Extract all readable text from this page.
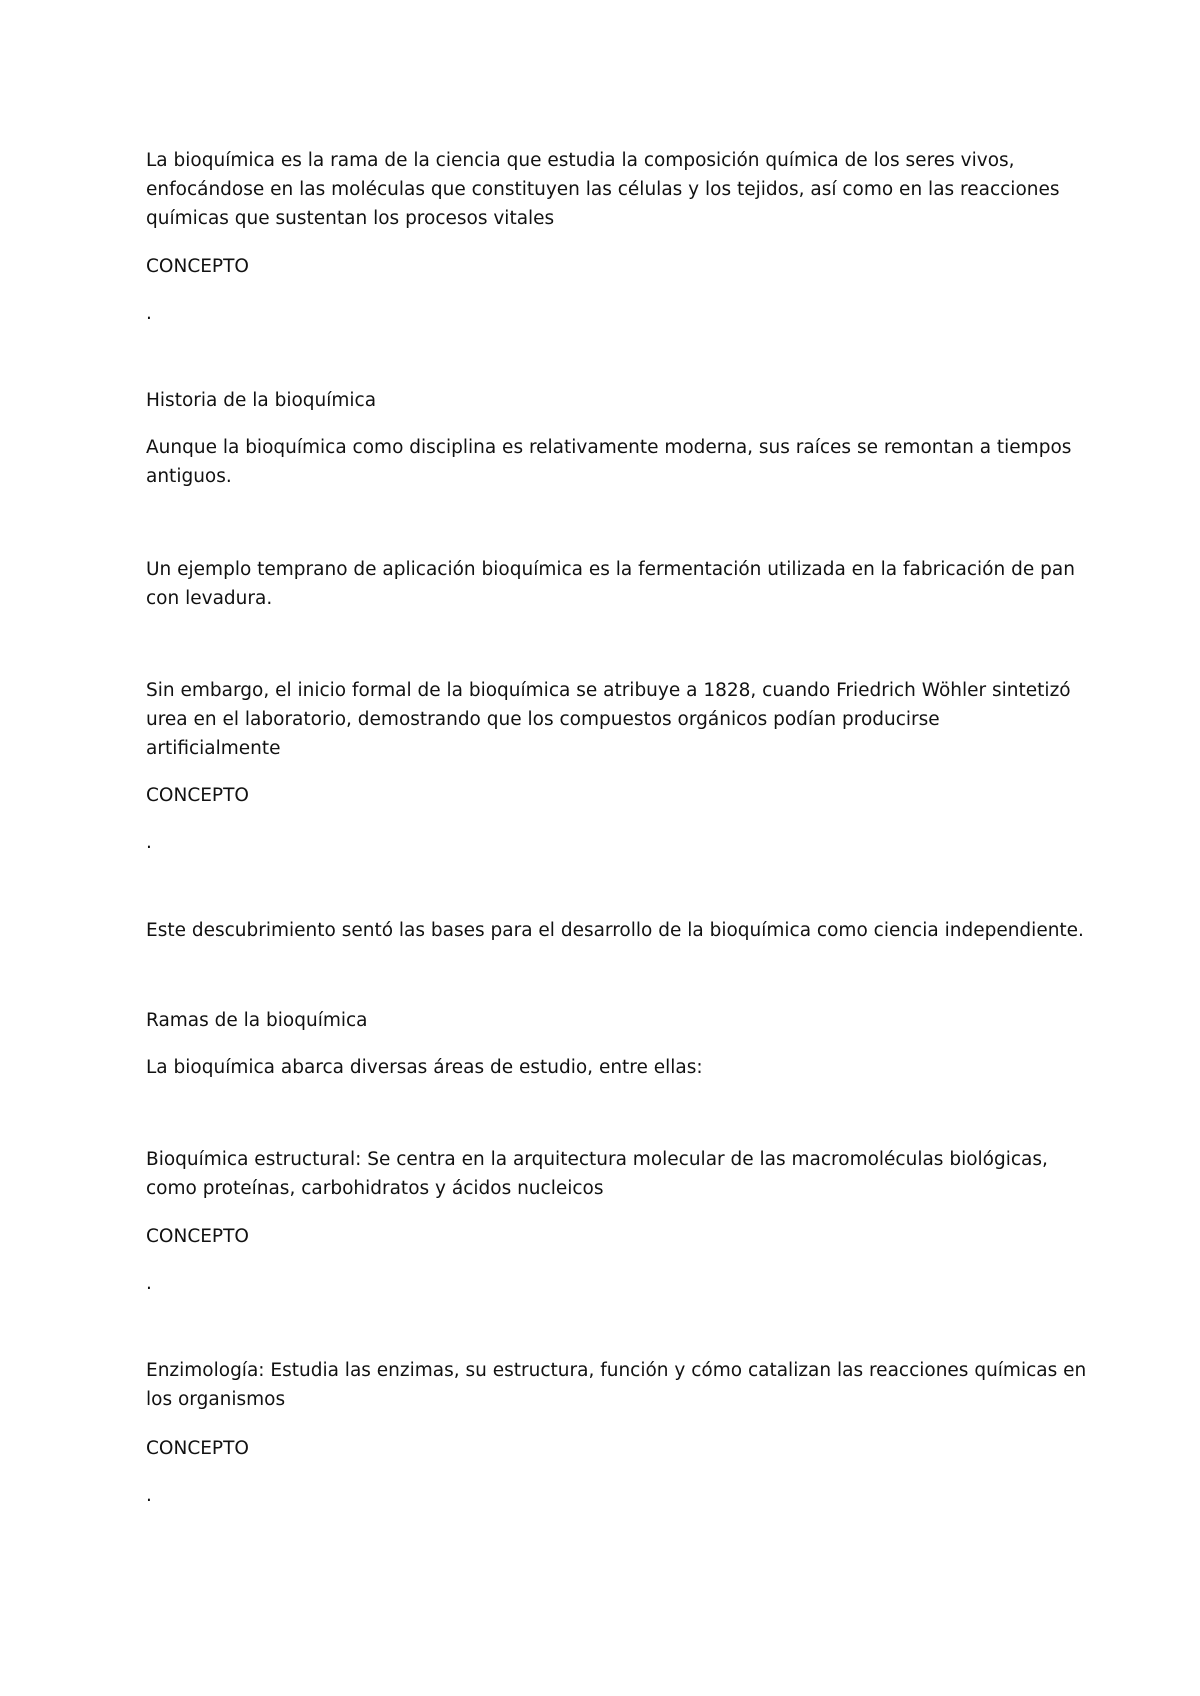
La bioquímica es la rama de la ciencia que estudia la composición química de los seres vivos,

enfocándose en las moléculas que constituyen las células y los tejidos, así como en las reacciones

químicas que sustentan los procesos vitales

CONCEPTO

.

Historia de la bioquímica

Aunque la bioquímica como disciplina es relativamente moderna, sus raíces se remontan a tiempos

antiguos.

Un ejemplo temprano de aplicación bioquímica es la fermentación utilizada en la fabricación de pan

con levadura.

Sin embargo, el inicio formal de la bioquímica se atribuye a 1828, cuando Friedrich Wöhler sintetizó

urea en el laboratorio, demostrando que los compuestos orgánicos podían producirse

artificialmente

CONCEPTO

.

Este descubrimiento sentó las bases para el desarrollo de la bioquímica como ciencia independiente.

Ramas de la bioquímica

La bioquímica abarca diversas áreas de estudio, entre ellas:

Bioquímica estructural: Se centra en la arquitectura molecular de las macromoléculas biológicas,

como proteínas, carbohidratos y ácidos nucleicos

CONCEPTO

.

Enzimología: Estudia las enzimas, su estructura, función y cómo catalizan las reacciones químicas en

los organismos

CONCEPTO

.
